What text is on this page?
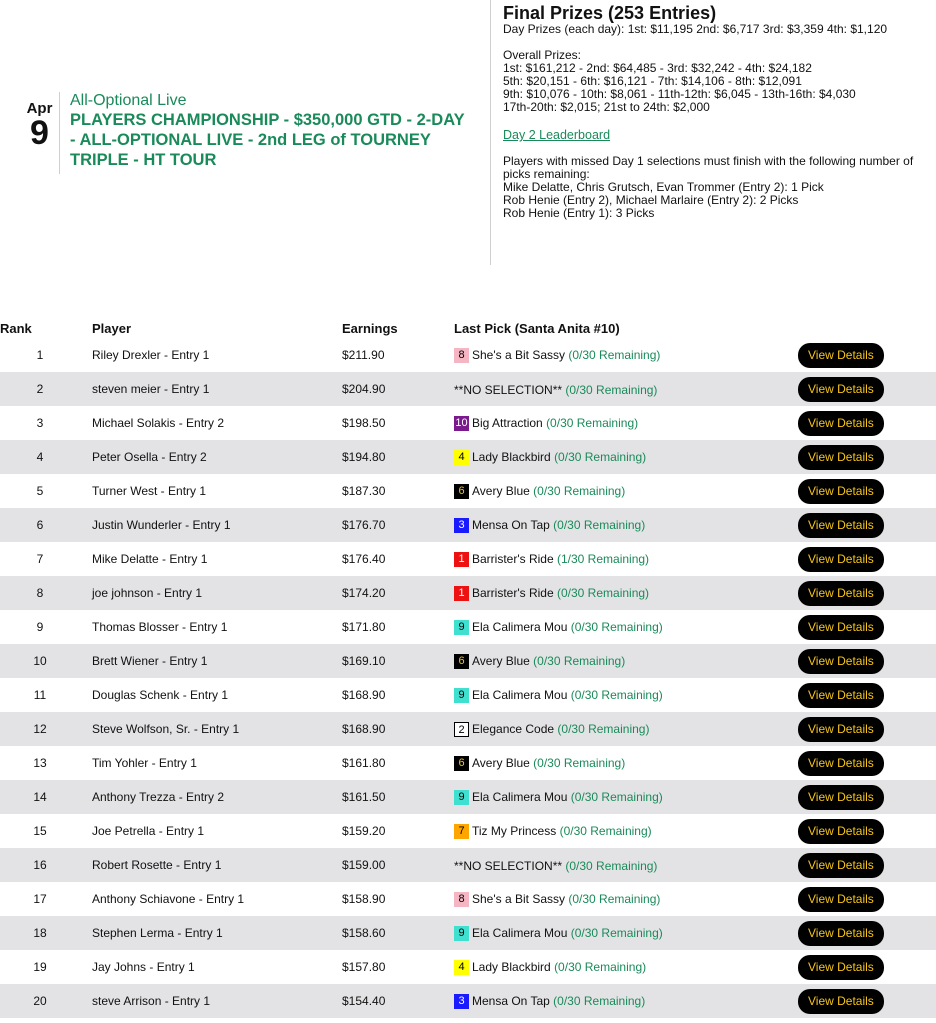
Apr
9
All-Optional Live
PLAYERS CHAMPIONSHIP - $350,000 GTD - 2-DAY - ALL-OPTIONAL LIVE - 2nd LEG of TOURNEY TRIPLE - HT TOUR
Final Prizes (253 Entries)
Day Prizes (each day): 1st: $11,195 2nd: $6,717 3rd: $3,359 4th: $1,120
Overall Prizes:
1st: $161,212 - 2nd: $64,485 - 3rd: $32,242 - 4th: $24,182
5th: $20,151 - 6th: $16,121 - 7th: $14,106 - 8th: $12,091
9th: $10,076 - 10th: $8,061 - 11th-12th: $6,045 - 13th-16th: $4,030
17th-20th: $2,015; 21st to 24th: $2,000
Day 2 Leaderboard
Players with missed Day 1 selections must finish with the following number of picks remaining:
Mike Delatte, Chris Grutsch, Evan Trommer (Entry 2): 1 Pick
Rob Henie (Entry 2), Michael Marlaire (Entry 2): 2 Picks
Rob Henie (Entry 1): 3 Picks
Rank	Player	Earnings	Last Pick (Santa Anita #10)	
1	Riley Drexler - Entry 1	$211.90	8 She's a Bit Sassy (0/30 Remaining)	View Details
2	steven meier - Entry 1	$204.90	**NO SELECTION** (0/30 Remaining)	View Details
3	Michael Solakis - Entry 2	$198.50	10 Big Attraction (0/30 Remaining)	View Details
4	Peter Osella - Entry 2	$194.80	4 Lady Blackbird (0/30 Remaining)	View Details
5	Turner West - Entry 1	$187.30	6 Avery Blue (0/30 Remaining)	View Details
6	Justin Wunderler - Entry 1	$176.70	3 Mensa On Tap (0/30 Remaining)	View Details
7	Mike Delatte - Entry 1	$176.40	1 Barrister's Ride (1/30 Remaining)	View Details
8	joe johnson - Entry 1	$174.20	1 Barrister's Ride (0/30 Remaining)	View Details
9	Thomas Blosser - Entry 1	$171.80	9 Ela Calimera Mou (0/30 Remaining)	View Details
10	Brett Wiener - Entry 1	$169.10	6 Avery Blue (0/30 Remaining)	View Details
11	Douglas Schenk - Entry 1	$168.90	9 Ela Calimera Mou (0/30 Remaining)	View Details
12	Steve Wolfson, Sr. - Entry 1	$168.90	2 Elegance Code (0/30 Remaining)	View Details
13	Tim Yohler - Entry 1	$161.80	6 Avery Blue (0/30 Remaining)	View Details
14	Anthony Trezza - Entry 2	$161.50	9 Ela Calimera Mou (0/30 Remaining)	View Details
15	Joe Petrella - Entry 1	$159.20	7 Tiz My Princess (0/30 Remaining)	View Details
16	Robert Rosette - Entry 1	$159.00	**NO SELECTION** (0/30 Remaining)	View Details
17	Anthony Schiavone - Entry 1	$158.90	8 She's a Bit Sassy (0/30 Remaining)	View Details
18	Stephen Lerma - Entry 1	$158.60	9 Ela Calimera Mou (0/30 Remaining)	View Details
19	Jay Johns - Entry 1	$157.80	4 Lady Blackbird (0/30 Remaining)	View Details
20	steve Arrison - Entry 1	$154.40	3 Mensa On Tap (0/30 Remaining)	View Details
